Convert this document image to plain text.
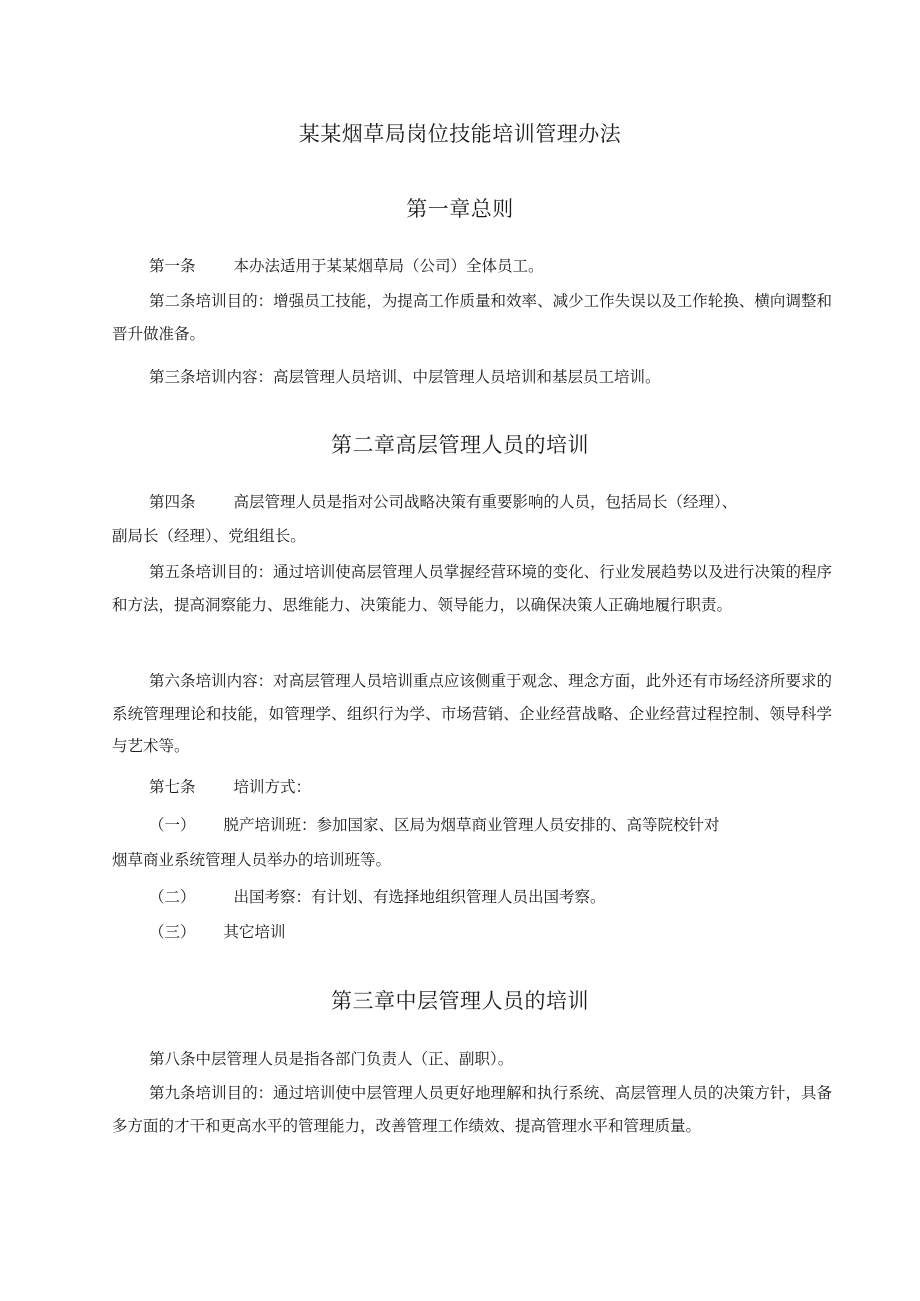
某某烟草局岗位技能培训管理办法
第一章总则
第一条 本办法适用于某某烟草局（公司）全体员工。
第二条培训目的：增强员工技能，为提高工作质量和效率、减少工作失误以及工作轮换、横向调整和晋升做准备。
第三条培训内容：高层管理人员培训、中层管理人员培训和基层员工培训。
第二章高层管理人员的培训
第四条 高层管理人员是指对公司战略决策有重要影响的人员，包括局长（经理）、
副局长（经理）、党组组长。
第五条培训目的：通过培训使高层管理人员掌握经营环境的变化、行业发展趋势以及进行决策的程序和方法，提高洞察能力、思维能力、决策能力、领导能力，以确保决策人正确地履行职责。
第六条培训内容：对高层管理人员培训重点应该侧重于观念、理念方面，此外还有市场经济所要求的系统管理理论和技能，如管理学、组织行为学、市场营销、企业经营战略、企业经营过程控制、领导科学与艺术等。
第七条 培训方式：
（一） 脱产培训班：参加国家、区局为烟草商业管理人员安排的、高等院校针对
烟草商业系统管理人员举办的培训班等。
（二） 出国考察：有计划、有选择地组织管理人员出国考察。
（三） 其它培训
第三章中层管理人员的培训
第八条中层管理人员是指各部门负责人（正、副职）。
第九条培训目的：通过培训使中层管理人员更好地理解和执行系统、高层管理人员的决策方针，具备多方面的才干和更高水平的管理能力，改善管理工作绩效、提高管理水平和管理质量。
